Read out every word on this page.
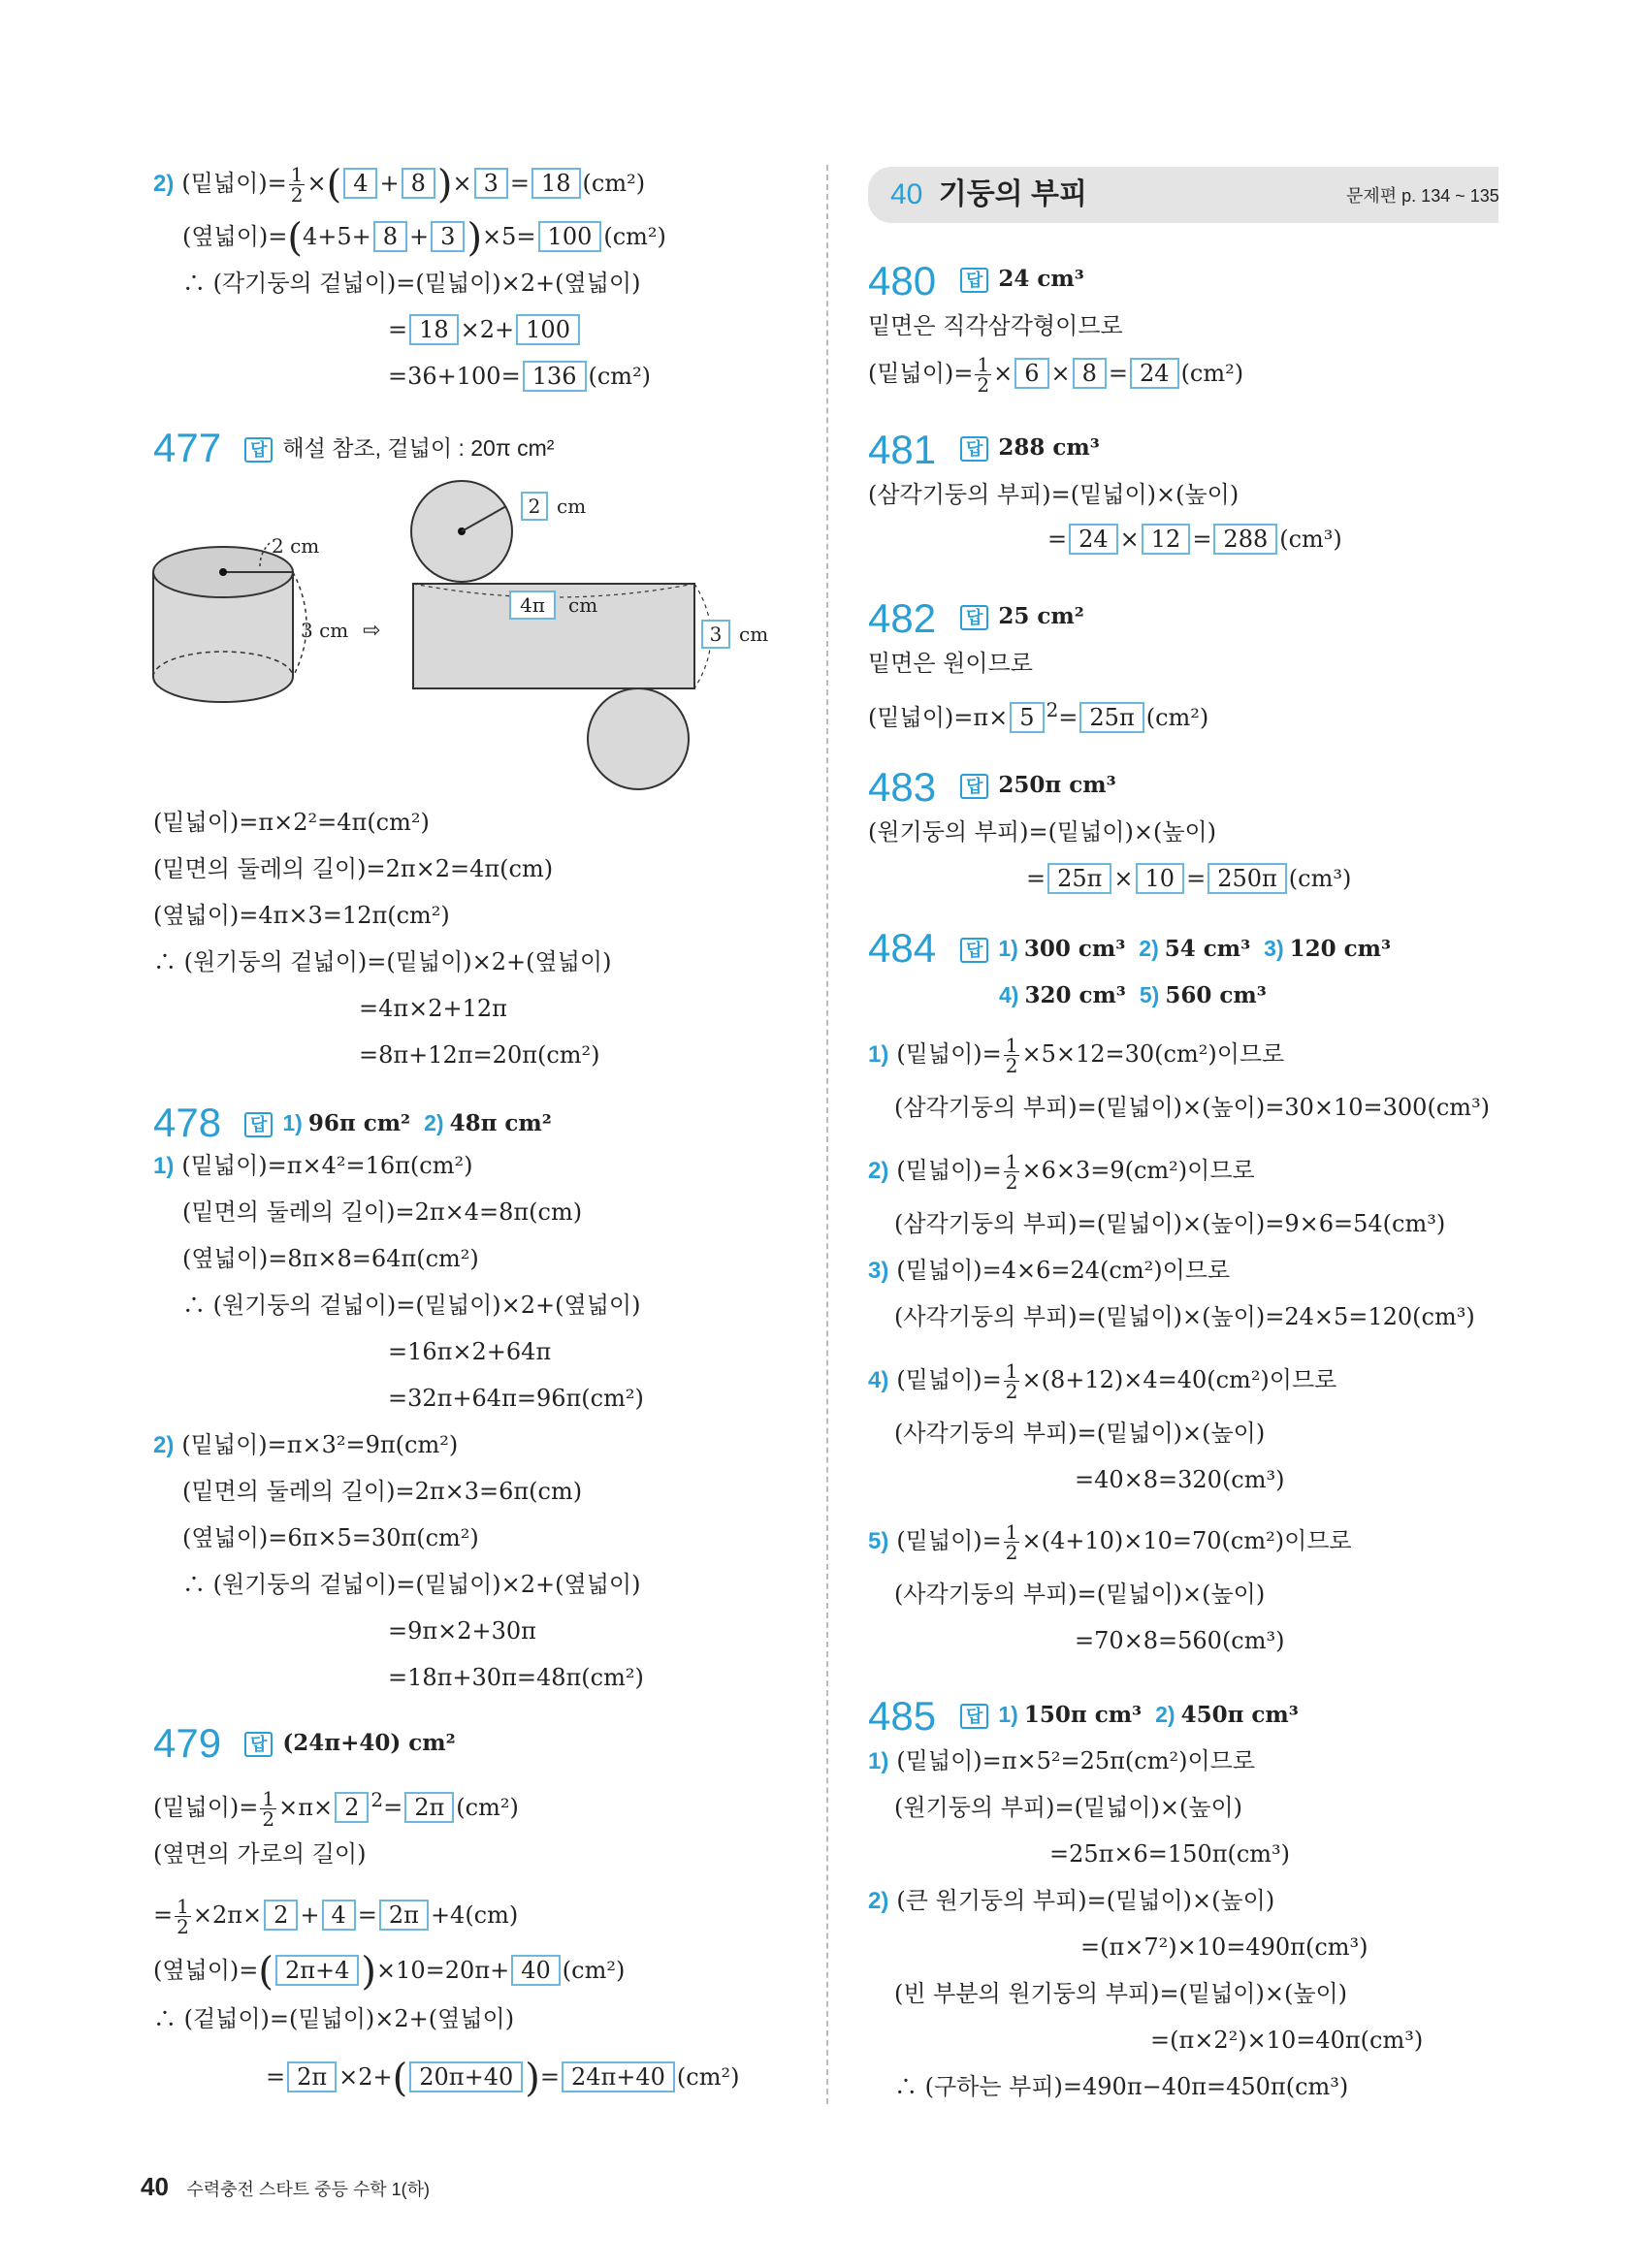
2) (밑넓이)= $\frac{1}{2}$ ×( 4 + 8 )× 3 = 18 (cm²)
(옆넓이)=(4+5+ 8 + 3 )×5= 100 (cm²)
∴ (각기둥의 겉넓이)=(밑넓이)×2+(옆넓이)
= 18 ×2+ 100
=36+100= 136 (cm²)
477	답 해설 참조, 겉넓이 : 20π cm²
2 cm
3 cm ⇨
2 cm
4π cm
3 cm
(밑넓이)=π×2²=4π(cm²)
(밑면의 둘레의 길이)=2π×2=4π(cm)
(옆넓이)=4π×3=12π(cm²)
∴ (원기둥의 겉넓이)=(밑넓이)×2+(옆넓이)
=4π×2+12π
=8π+12π=20π(cm²)
478	답 1) 96π cm² 2) 48π cm²
1) (밑넓이)=π×4²=16π(cm²)
(밑면의 둘레의 길이)=2π×4=8π(cm)
(옆넓이)=8π×8=64π(cm²)
∴ (원기둥의 겉넓이)=(밑넓이)×2+(옆넓이)
=16π×2+64π
=32π+64π=96π(cm²)
2) (밑넓이)=π×3²=9π(cm²)
(밑면의 둘레의 길이)=2π×3=6π(cm)
(옆넓이)=6π×5=30π(cm²)
∴ (원기둥의 겉넓이)=(밑넓이)×2+(옆넓이)
=9π×2+30π
=18π+30π=48π(cm²)
479	답 (24π+40) cm²
(밑넓이)= $\frac{1}{2} \times\pi\times 2$ $^2$= 2π (cm²)
(옆면의 가로의 길이)
= $\frac{1}{2} \times 2\pi\times 2 + 4 = 2\pi +4(cm)$
(옆넓이)=( 2π+4 )×10=20π+ 40 (cm²)
∴ (겉넓이)=(밑넓이)×2+(옆넓이)
= 2π ×2+( 20π+40 )= 24π+40 (cm²)
40 기둥의 부피	문제편 p. 134 ~ 135
480	답 24 cm³
밑면은 직각삼각형이므로
(밑넓이)= $\frac{1}{2} \times 6 \times 8 = 24$ (cm²)
481	답 288 cm³
(삼각기둥의 부피)=(밑넓이)×(높이)
= 24 × 12 = 288 (cm³)
482	답 25 cm²
밑면은 원이므로
(밑넓이)=π× 5 $^2$= 25π (cm²)
483	답 250π cm³
(원기둥의 부피)=(밑넓이)×(높이)
= 25π × 10 = 250π (cm³)
484	답 1) 300 cm³ 2) 54 cm³ 3) 120 cm³
4) 320 cm³ 5) 560 cm³
1) (밑넓이)= $\frac{1}{2} \times 5\times 12=30(cm^2)$이므로
(삼각기둥의 부피)=(밑넓이)×(높이)=30×10=300(cm³)
2) (밑넓이)= $\frac{1}{2} \times 6\times 3=9(cm^2)$이므로
(삼각기둥의 부피)=(밑넓이)×(높이)=9×6=54(cm³)
3) (밑넓이)=4×6=24(cm²)이므로
(사각기둥의 부피)=(밑넓이)×(높이)=24×5=120(cm³)
4) (밑넓이)= $\frac{1}{2} \times(8+12)\times 4=40(cm^2)$이므로
(사각기둥의 부피)=(밑넓이)×(높이)
=40×8=320(cm³)
5) (밑넓이)= $\frac{1}{2} \times(4+10)\times 10=70(cm^2)$이므로
(사각기둥의 부피)=(밑넓이)×(높이)
=70×8=560(cm³)
485	답 1) 150π cm³ 2) 450π cm³
1) (밑넓이)=π×5²=25π(cm²)이므로
(원기둥의 부피)=(밑넓이)×(높이)
=25π×6=150π(cm³)
2) (큰 원기둥의 부피)=(밑넓이)×(높이)
=(π×7²)×10=490π(cm³)
(빈 부분의 원기둥의 부피)=(밑넓이)×(높이)
=(π×2²)×10=40π(cm³)
∴ (구하는 부피)=490π−40π=450π(cm³)
40 수력충전 스타트 중등 수학 1(하)
